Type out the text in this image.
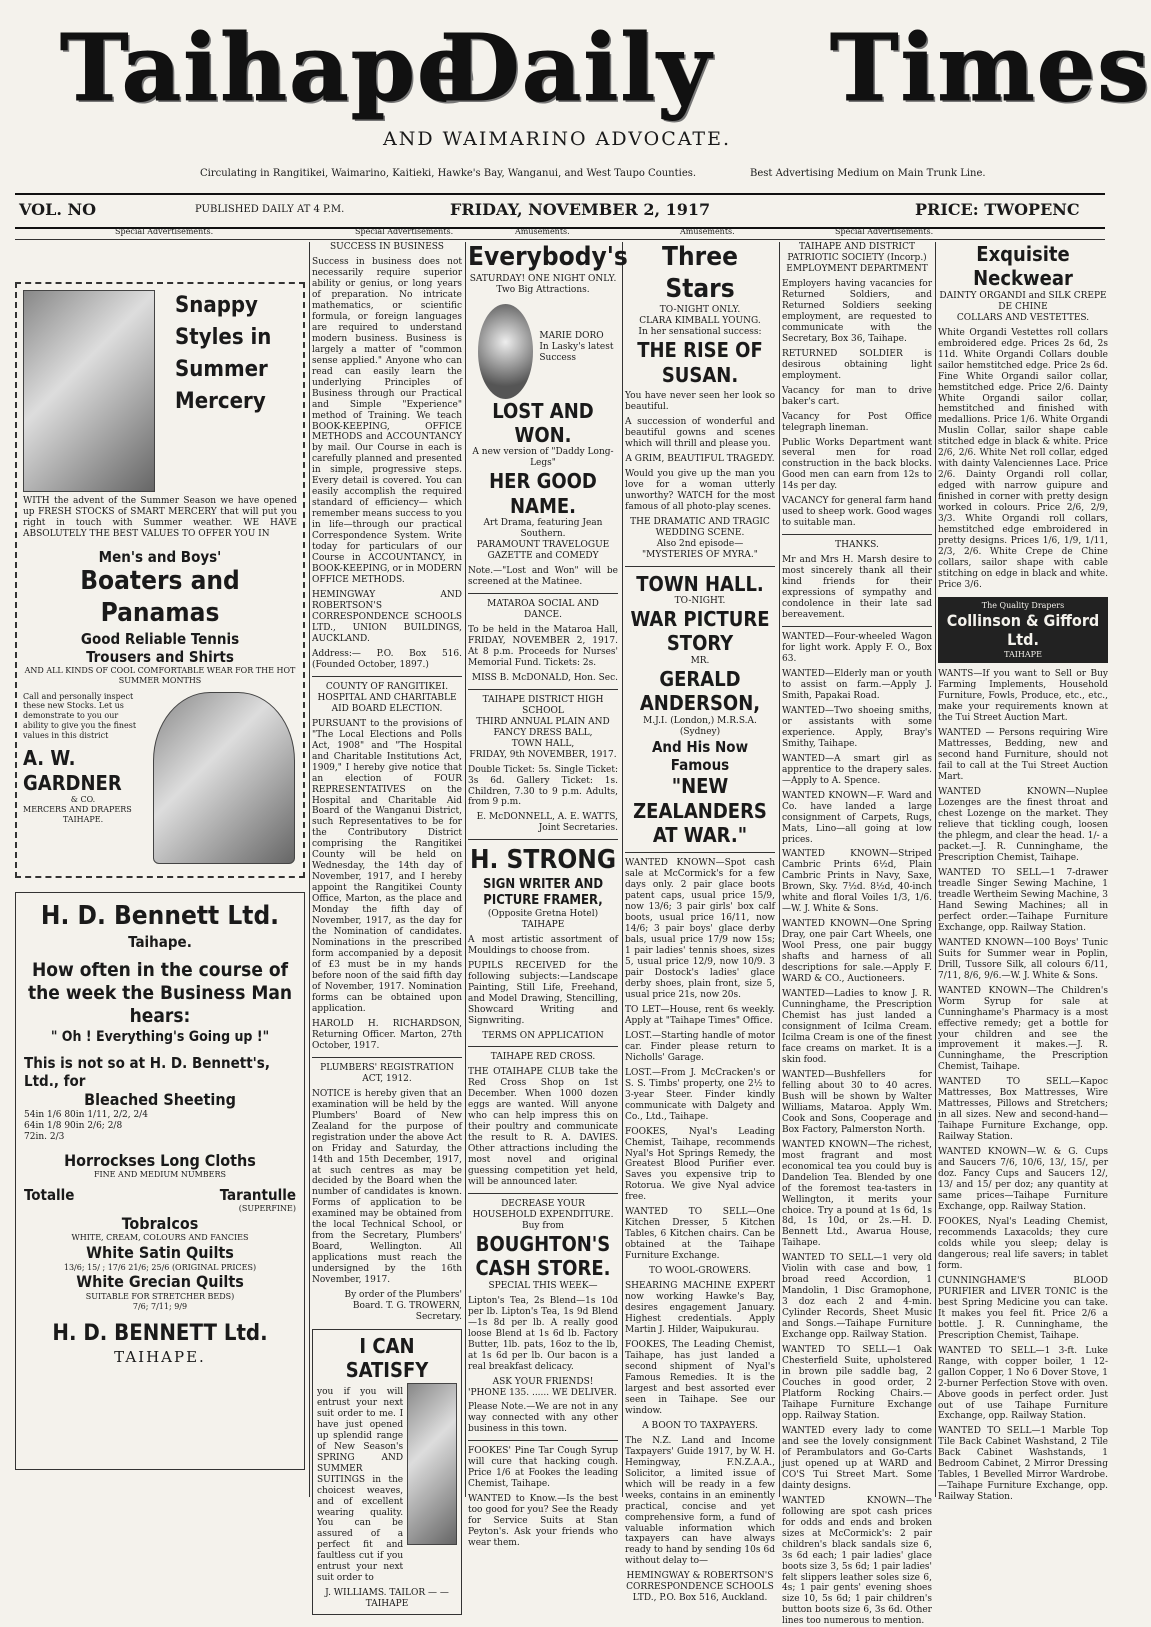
Taihape
Daily Times
AND WAIMARINO ADVOCATE.
Circulating in Rangitikei, Waimarino, Kaitieki, Hawke's Bay, Wanganui, and West Taupo Counties.	Best Advertising Medium on Main Trunk Line.
VOL. NO	PUBLISHED DAILY AT 4 P.M.	FRIDAY, NOVEMBER 2, 1917	PRICE: TWOPENC
Special Advertisements.	Special Advertisements.	Amusements.	Amusements.	Special Advertisements.
Snappy
Styles in
Summer
Mercery
WITH the advent of the Summer Season we have opened up FRESH STOCKS of SMART MERCERY that will put you right in touch with Summer weather. WE HAVE ABSOLUTELY THE BEST VALUES TO OFFER YOU IN
Men's and Boys'
Boaters and Panamas
Good Reliable Tennis
Trousers and Shirts
AND ALL KINDS OF COOL COMFORTABLE WEAR FOR THE HOT SUMMER MONTHS
Call and personally inspect these new Stocks. Let us demonstrate to you our ability to give you the finest values in this district
A. W. GARDNER
& CO.
MERCERS AND DRAPERS
TAIHAPE.
H. D. Bennett Ltd.
Taihape.
How often in the course of the week the Business Man hears:
" Oh ! Everything's Going up !"
This is not so at H. D. Bennett's, Ltd., for
Bleached Sheeting
54in 1/6 80in 1/11, 2/2, 2/4
64in 1/8 90in 2/6; 2/8
72in. 2/3
Horrockses Long Cloths
FINE AND MEDIUM NUMBERS
Totalle	Tarantulle
(SUPERFINE)
Tobralcos
WHITE, CREAM, COLOURS AND FANCIES
White Satin Quilts
13/6; 15/ ; 17/6 21/6; 25/6 (ORIGINAL PRICES)
White Grecian Quilts
SUITABLE FOR STRETCHER BEDS)
7/6; 7/11; 9/9
H. D. BENNETT Ltd.
TAIHAPE.
SUCCESS IN BUSINESS
Success in business does not necessarily require superior ability or genius, or long years of preparation. No intricate mathematics, or scientific formula, or foreign languages are required to understand modern business. Business is largely a matter of "common sense applied." Anyone who can read can easily learn the underlying Principles of Business through our Practical and Simple "Experience" method of Training. We teach BOOK-KEEPING, OFFICE METHODS and ACCOUNTANCY by mail. Our Course in each is carefully planned and presented in simple, progressive steps. Every detail is covered. You can easily accomplish the required standard of efficiency— which remember means success to you in life—through our practical Correspondence System. Write today for particulars of our Course in ACCOUNTANCY, in BOOK-KEEPING, or in MODERN OFFICE METHODS.
HEMINGWAY AND ROBERTSON'S CORRESPONDENCE SCHOOLS LTD., UNION BUILDINGS, AUCKLAND.
Address:— P.O. Box 516. (Founded October, 1897.)
COUNTY OF RANGITIKEI.
HOSPITAL AND CHARITABLE AID BOARD ELECTION.
PURSUANT to the provisions of "The Local Elections and Polls Act, 1908" and "The Hospital and Charitable Institutions Act, 1909," I hereby give notice that an election of FOUR REPRESENTATIVES on the Hospital and Charitable Aid Board of the Wanganui District, such Representatives to be for the Contributory District comprising the Rangitikei County will be held on Wednesday, the 14th day of November, 1917, and I hereby appoint the Rangitikei County Office, Marton, as the place and Monday the fifth day of November, 1917, as the day for the Nomination of candidates. Nominations in the prescribed form accompanied by a deposit of £3 must be in my hands before noon of the said fifth day of November, 1917. Nomination forms can be obtained upon application.
HAROLD H. RICHARDSON, Returning Officer. Marton, 27th October, 1917.
PLUMBERS' REGISTRATION ACT, 1912.
NOTICE is hereby given that an examination will be held by the Plumbers' Board of New Zealand for the purpose of registration under the above Act on Friday and Saturday, the 14th and 15th December, 1917, at such centres as may be decided by the Board when the number of candidates is known. Forms of application to be examined may be obtained from the local Technical School, or from the Secretary, Plumbers' Board, Wellington. All applications must reach the undersigned by the 16th November, 1917.
By order of the Plumbers' Board. T. G. TROWERN, Secretary.
I CAN SATISFY
you if you will entrust your next suit order to me. I have just opened up splendid range of New Season's SPRING AND SUMMER SUITINGS in the choicest weaves, and of excellent wearing quality. You can be assured of a perfect fit and faultless cut if you entrust your next suit order to
J. WILLIAMS. TAILOR — — TAIHAPE
Everybody's
SATURDAY! ONE NIGHT ONLY.
Two Big Attractions.
MARIE DORO
In Lasky's latest Success
LOST AND WON.
A new version of "Daddy Long-Legs"
HER GOOD NAME.
Art Drama, featuring Jean Southern.
PARAMOUNT TRAVELOGUE GAZETTE and COMEDY
Note.—"Lost and Won" will be screened at the Matinee.
MATAROA SOCIAL AND DANCE.
To be held in the Mataroa Hall, FRIDAY, NOVEMBER 2, 1917. At 8 p.m. Proceeds for Nurses' Memorial Fund. Tickets: 2s.
MISS B. McDONALD, Hon. Sec.
TAIHAPE DISTRICT HIGH SCHOOL
THIRD ANNUAL PLAIN AND FANCY DRESS BALL,
TOWN HALL,
FRIDAY, 9th NOVEMBER, 1917.
Double Ticket: 5s. Single Ticket: 3s 6d. Gallery Ticket: 1s. Children, 7.30 to 9 p.m. Adults, from 9 p.m.
E. McDONNELL, A. E. WATTS, Joint Secretaries.
H. STRONG
SIGN WRITER AND PICTURE FRAMER,
(Opposite Gretna Hotel)
TAIHAPE
A most artistic assortment of Mouldings to choose from.
PUPILS RECEIVED for the following subjects:—Landscape Painting, Still Life, Freehand, and Model Drawing, Stencilling, Showcard Writing and Signwriting.
TERMS ON APPLICATION
TAIHAPE RED CROSS.
THE OTAIHAPE CLUB take the Red Cross Shop on 1st December. When 1000 dozen eggs are wanted. Will anyone who can help impress this on their poultry and communicate the result to R. A. DAVIES. Other attractions including the most novel and original guessing competition yet held, will be announced later.
DECREASE YOUR HOUSEHOLD EXPENDITURE.
Buy from
BOUGHTON'S CASH STORE.
SPECIAL THIS WEEK—
Lipton's Tea, 2s Blend—1s 10d per lb. Lipton's Tea, 1s 9d Blend—1s 8d per lb. A really good loose Blend at 1s 6d lb. Factory Butter, 1lb. pats, 16oz to the lb, at 1s 6d per lb. Our bacon is a real breakfast delicacy.
ASK YOUR FRIENDS!
'PHONE 135. ...... WE DELIVER.
Please Note.—We are not in any way connected with any other business in this town.
FOOKES' Pine Tar Cough Syrup will cure that hacking cough. Price 1/6 at Fookes the leading Chemist, Taihape.
WANTED to Know.—Is the best too good for you? See the Ready for Service Suits at Stan Peyton's. Ask your friends who wear them.
Three Stars
TO-NIGHT ONLY.
CLARA KIMBALL YOUNG.
In her sensational success:
THE RISE OF SUSAN.
You have never seen her look so beautiful.
A succession of wonderful and beautiful gowns and scenes which will thrill and please you.
A GRIM, BEAUTIFUL TRAGEDY.
Would you give up the man you love for a woman utterly unworthy? WATCH for the most famous of all photo-play scenes.
THE DRAMATIC AND TRAGIC WEDDING SCENE.
Also 2nd episode— "MYSTERIES OF MYRA."
TOWN HALL.
TO-NIGHT.
WAR PICTURE STORY
MR.
GERALD ANDERSON,
M.J.I. (London,) M.R.S.A. (Sydney)
And His Now Famous
"NEW ZEALANDERS AT WAR."
WANTED KNOWN—Spot cash sale at McCormick's for a few days only. 2 pair glace boots patent caps, usual price 15/9, now 13/6; 3 pair girls' box calf boots, usual price 16/11, now 14/6; 3 pair boys' glace derby bals, usual price 17/9 now 15s; 1 pair ladies' tennis shoes, sizes 5, usual price 12/9, now 10/9. 3 pair Dostock's ladies' glace derby shoes, plain front, size 5, usual price 21s, now 20s.
TO LET—House, rent 6s weekly. Apply at "Taihape Times" Office.
LOST.—Starting handle of motor car. Finder please return to Nicholls' Garage.
LOST.—From J. McCracken's or S. S. Timbs' property, one 2½ to 3-year Steer. Finder kindly communicate with Dalgety and Co., Ltd., Taihape.
FOOKES, Nyal's Leading Chemist, Taihape, recommends Nyal's Hot Springs Remedy, the Greatest Blood Purifier ever. Saves you expensive trip to Rotorua. We give Nyal advice free.
WANTED TO SELL—One Kitchen Dresser, 5 Kitchen Tables, 6 Kitchen chairs. Can be obtained at the Taihape Furniture Exchange.
TO WOOL-GROWERS.
SHEARING MACHINE EXPERT now working Hawke's Bay, desires engagement January. Highest credentials. Apply Martin J. Hilder, Waipukurau.
FOOKES, The Leading Chemist, Taihape, has just landed a second shipment of Nyal's Famous Remedies. It is the largest and best assorted ever seen in Taihape. See our window.
A BOON TO TAXPAYERS.
The N.Z. Land and Income Taxpayers' Guide 1917, by W. H. Hemingway, F.N.Z.A.A., Solicitor, a limited issue of which will be ready in a few weeks, contains in an eminently practical, concise and yet comprehensive form, a fund of valuable information which taxpayers can have always ready to hand by sending 10s 6d without delay to—
HEMINGWAY & ROBERTSON'S CORRESPONDENCE SCHOOLS LTD., P.O. Box 516, Auckland.
TAIHAPE AND DISTRICT PATRIOTIC SOCIETY (Incorp.)
EMPLOYMENT DEPARTMENT
Employers having vacancies for Returned Soldiers, and Returned Soldiers seeking employment, are requested to communicate with the Secretary, Box 36, Taihape.
RETURNED SOLDIER is desirous obtaining light employment.
Vacancy for man to drive baker's cart.
Vacancy for Post Office telegraph lineman.
Public Works Department want several men for road construction in the back blocks. Good men can earn from 12s to 14s per day.
VACANCY for general farm hand used to sheep work. Good wages to suitable man.
THANKS.
Mr and Mrs H. Marsh desire to most sincerely thank all their kind friends for their expressions of sympathy and condolence in their late sad bereavement.
WANTED—Four-wheeled Wagon for light work. Apply F. O., Box 63.
WANTED—Elderly man or youth to assist on farm.—Apply J. Smith, Papakai Road.
WANTED—Two shoeing smiths, or assistants with some experience. Apply, Bray's Smithy, Taihape.
WANTED—A smart girl as apprentice to the drapery sales.—Apply to A. Spence.
WANTED KNOWN—F. Ward and Co. have landed a large consignment of Carpets, Rugs, Mats, Lino—all going at low prices.
WANTED KNOWN—Striped Cambric Prints 6½d, Plain Cambric Prints in Navy, Saxe, Brown, Sky. 7½d. 8½d, 40-inch white and floral Voiles 1/3, 1/6.—W. J. White & Sons.
WANTED KNOWN—One Spring Dray, one pair Cart Wheels, one Wool Press, one pair buggy shafts and harness of all descriptions for sale.—Apply F. WARD & CO., Auctioneers.
WANTED—Ladies to know J. R. Cunninghame, the Prescription Chemist has just landed a consignment of Icilma Cream. Icilma Cream is one of the finest face creams on market. It is a skin food.
WANTED—Bushfellers for felling about 30 to 40 acres. Bush will be shown by Walter Williams, Mataroa. Apply Wm. Cook and Sons, Cooperage and Box Factory, Palmerston North.
WANTED KNOWN—The richest, most fragrant and most economical tea you could buy is Dandelion Tea. Blended by one of the foremost tea-tasters in Wellington, it merits your choice. Try a pound at 1s 6d, 1s 8d, 1s 10d, or 2s.—H. D. Bennett Ltd., Awarua House, Taihape.
WANTED TO SELL—1 very old Violin with case and bow, 1 broad reed Accordion, 1 Mandolin, 1 Disc Gramophone, 3 doz each 2 and 4-min. Cylinder Records, Sheet Music and Songs.—Taihape Furniture Exchange opp. Railway Station.
WANTED TO SELL—1 Oak Chesterfield Suite, upholstered in brown pile saddle bag, 2 Couches in good order, 2 Platform Rocking Chairs.—Taihape Furniture Exchange opp. Railway Station.
WANTED every lady to come and see the lovely consignment of Perambulators and Go-Carts just opened up at WARD and CO'S Tui Street Mart. Some dainty designs.
WANTED KNOWN—The following are spot cash prices for odds and ends and broken sizes at McCormick's: 2 pair children's black sandals size 6, 3s 6d each; 1 pair ladies' glace boots size 3, 5s 6d; 1 pair ladies' felt slippers leather soles size 6, 4s; 1 pair gents' evening shoes size 10, 5s 6d; 1 pair children's button boots size 6, 3s 6d. Other lines too numerous to mention.
Exquisite Neckwear
DAINTY ORGANDI and SILK CREPE DE CHINE
COLLARS AND VESTETTES.
White Organdi Vestettes roll collars embroidered edge. Prices 2s 6d, 2s 11d. White Organdi Collars double sailor hemstitched edge. Price 2s 6d. Fine White Organdi sailor collar, hemstitched edge. Price 2/6. Dainty White Organdi sailor collar, hemstitched and finished with medallions. Price 1/6. White Organdi Muslin Collar, sailor shape cable stitched edge in black & white. Price 2/6, 2/6. White Net roll collar, edged with dainty Valenciennes Lace. Price 2/6. Dainty Organdi roll collar, edged with narrow guipure and finished in corner with pretty design worked in colours. Price 2/6, 2/9, 3/3. White Organdi roll collars, hemstitched edge embroidered in pretty designs. Prices 1/6, 1/9, 1/11, 2/3, 2/6. White Crepe de Chine collars, sailor shape with cable stitching on edge in black and white. Price 3/6.
The Quality Drapers
Collinson & Gifford Ltd.
TAIHAPE
WANTS—If you want to Sell or Buy Farming Implements, Household Furniture, Fowls, Produce, etc., etc., make your requirements known at the Tui Street Auction Mart.
WANTED — Persons requiring Wire Mattresses, Bedding, new and second hand Furniture, should not fail to call at the Tui Street Auction Mart.
WANTED KNOWN—Nuplee Lozenges are the finest throat and chest Lozenge on the market. They relieve that tickling cough, loosen the phlegm, and clear the head. 1/- a packet.—J. R. Cunninghame, the Prescription Chemist, Taihape.
WANTED TO SELL—1 7-drawer treadle Singer Sewing Machine, 1 treadle Wertheim Sewing Machine, 3 Hand Sewing Machines; all in perfect order.—Taihape Furniture Exchange, opp. Railway Station.
WANTED KNOWN—100 Boys' Tunic Suits for Summer wear in Poplin, Drill, Tussore Silk, all colours 6/11, 7/11, 8/6, 9/6.—W. J. White & Sons.
WANTED KNOWN—The Children's Worm Syrup for sale at Cunninghame's Pharmacy is a most effective remedy; get a bottle for your children and see the improvement it makes.—J. R. Cunninghame, the Prescription Chemist, Taihape.
WANTED TO SELL—Kapoc Mattresses, Box Mattresses, Wire Mattresses, Pillows and Stretchers; in all sizes. New and second-hand—Taihape Furniture Exchange, opp. Railway Station.
WANTED KNOWN—W. & G. Cups and Saucers 7/6, 10/6, 13/, 15/, per doz. Fancy Cups and Saucers 12/, 13/ and 15/ per doz; any quantity at same prices—Taihape Furniture Exchange, opp. Railway Station.
FOOKES, Nyal's Leading Chemist, recommends Laxacolds; they cure colds while you sleep; delay is dangerous; real life savers; in tablet form.
CUNNINGHAME'S BLOOD PURIFIER and LIVER TONIC is the best Spring Medicine you can take. It makes you feel fit. Price 2/6 a bottle. J. R. Cunninghame, the Prescription Chemist, Taihape.
WANTED TO SELL—1 3-ft. Luke Range, with copper boiler, 1 12-gallon Copper, 1 No 6 Dover Stove, 1 2-burner Perfection Stove with oven. Above goods in perfect order. Just out of use Taihape Furniture Exchange, opp. Railway Station.
WANTED TO SELL—1 Marble Top Tile Back Cabinet Washstand, 2 Tile Back Cabinet Washstands, 1 Bedroom Cabinet, 2 Mirror Dressing Tables, 1 Bevelled Mirror Wardrobe. —Taihape Furniture Exchange, opp. Railway Station.
